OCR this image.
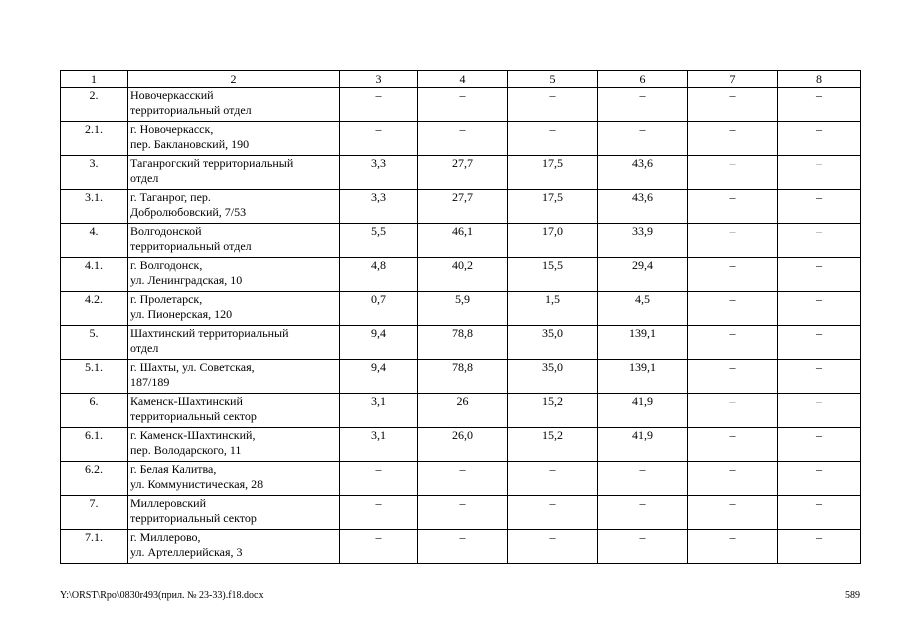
1	2	3	4	5	6	7	8
2.	Новочеркасский
территориальный отдел	–	–	–	–	–	–
2.1.	г. Новочеркасск,
пер. Баклановский, 190	–	–	–	–	–	–
3.	Таганрогский территориальный
отдел	3,3	27,7	17,5	43,6	–	–
3.1.	г. Таганрог, пер.
Добролюбовский, 7/53	3,3	27,7	17,5	43,6	–	–
4.	Волгодонской
территориальный отдел	5,5	46,1	17,0	33,9	–	–
4.1.	г. Волгодонск,
ул. Ленинградская, 10	4,8	40,2	15,5	29,4	–	–
4.2.	г. Пролетарск,
ул. Пионерская, 120	0,7	5,9	1,5	4,5	–	–
5.	Шахтинский территориальный
отдел	9,4	78,8	35,0	139,1	–	–
5.1.	г. Шахты, ул. Советская,
187/189	9,4	78,8	35,0	139,1	–	–
6.	Каменск-Шахтинский
территориальный сектор	3,1	26	15,2	41,9	–	–
6.1.	г. Каменск-Шахтинский,
пер. Володарского, 11	3,1	26,0	15,2	41,9	–	–
6.2.	г. Белая Калитва,
ул. Коммунистическая, 28	–	–	–	–	–	–
7.	Миллеровский
территориальный сектор	–	–	–	–	–	–
7.1.	г. Миллерово,
ул. Артеллерийская, 3	–	–	–	–	–	–
Y:\ORST\Rpo\0830r493(прил. № 23-33).f18.docx	589
